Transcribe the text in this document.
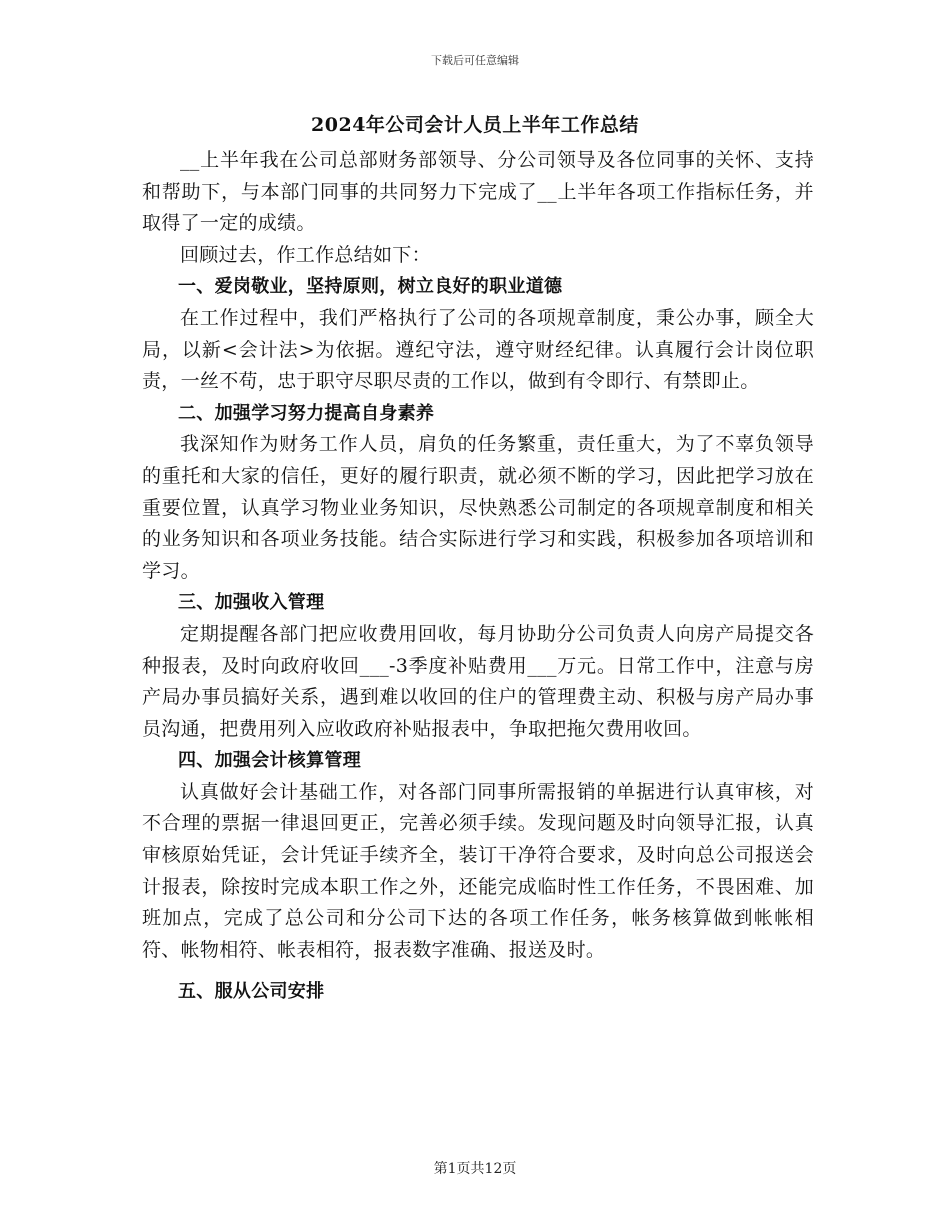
下载后可任意编辑
2024年公司会计人员上半年工作总结

__上半年我在公司总部财务部领导、分公司领导及各位同事的关怀、支持和帮助下，与本部门同事的共同努力下完成了__上半年各项工作指标任务，并取得了一定的成绩。

回顾过去，作工作总结如下：

一、爱岗敬业，坚持原则，树立良好的职业道德

在工作过程中，我们严格执行了公司的各项规章制度，秉公办事，顾全大局，以新<会计法>为依据。遵纪守法，遵守财经纪律。认真履行会计岗位职责，一丝不苟，忠于职守尽职尽责的工作以，做到有令即行、有禁即止。

二、加强学习努力提高自身素养

我深知作为财务工作人员，肩负的任务繁重，责任重大，为了不辜负领导的重托和大家的信任，更好的履行职责，就必须不断的学习，因此把学习放在重要位置，认真学习物业业务知识，尽快熟悉公司制定的各项规章制度和相关的业务知识和各项业务技能。结合实际进行学习和实践，积极参加各项培训和学习。

三、加强收入管理

定期提醒各部门把应收费用回收，每月协助分公司负责人向房产局提交各种报表，及时向政府收回___-3季度补贴费用___万元。日常工作中，注意与房产局办事员搞好关系，遇到难以收回的住户的管理费主动、积极与房产局办事员沟通，把费用列入应收政府补贴报表中，争取把拖欠费用收回。

四、加强会计核算管理

认真做好会计基础工作，对各部门同事所需报销的单据进行认真审核，对不合理的票据一律退回更正，完善必须手续。发现问题及时向领导汇报，认真审核原始凭证，会计凭证手续齐全，装订干净符合要求，及时向总公司报送会计报表，除按时完成本职工作之外，还能完成临时性工作任务，不畏困难、加班加点，完成了总公司和分公司下达的各项工作任务，帐务核算做到帐帐相符、帐物相符、帐表相符，报表数字准确、报送及时。

五、服从公司安排

第1页共12页
